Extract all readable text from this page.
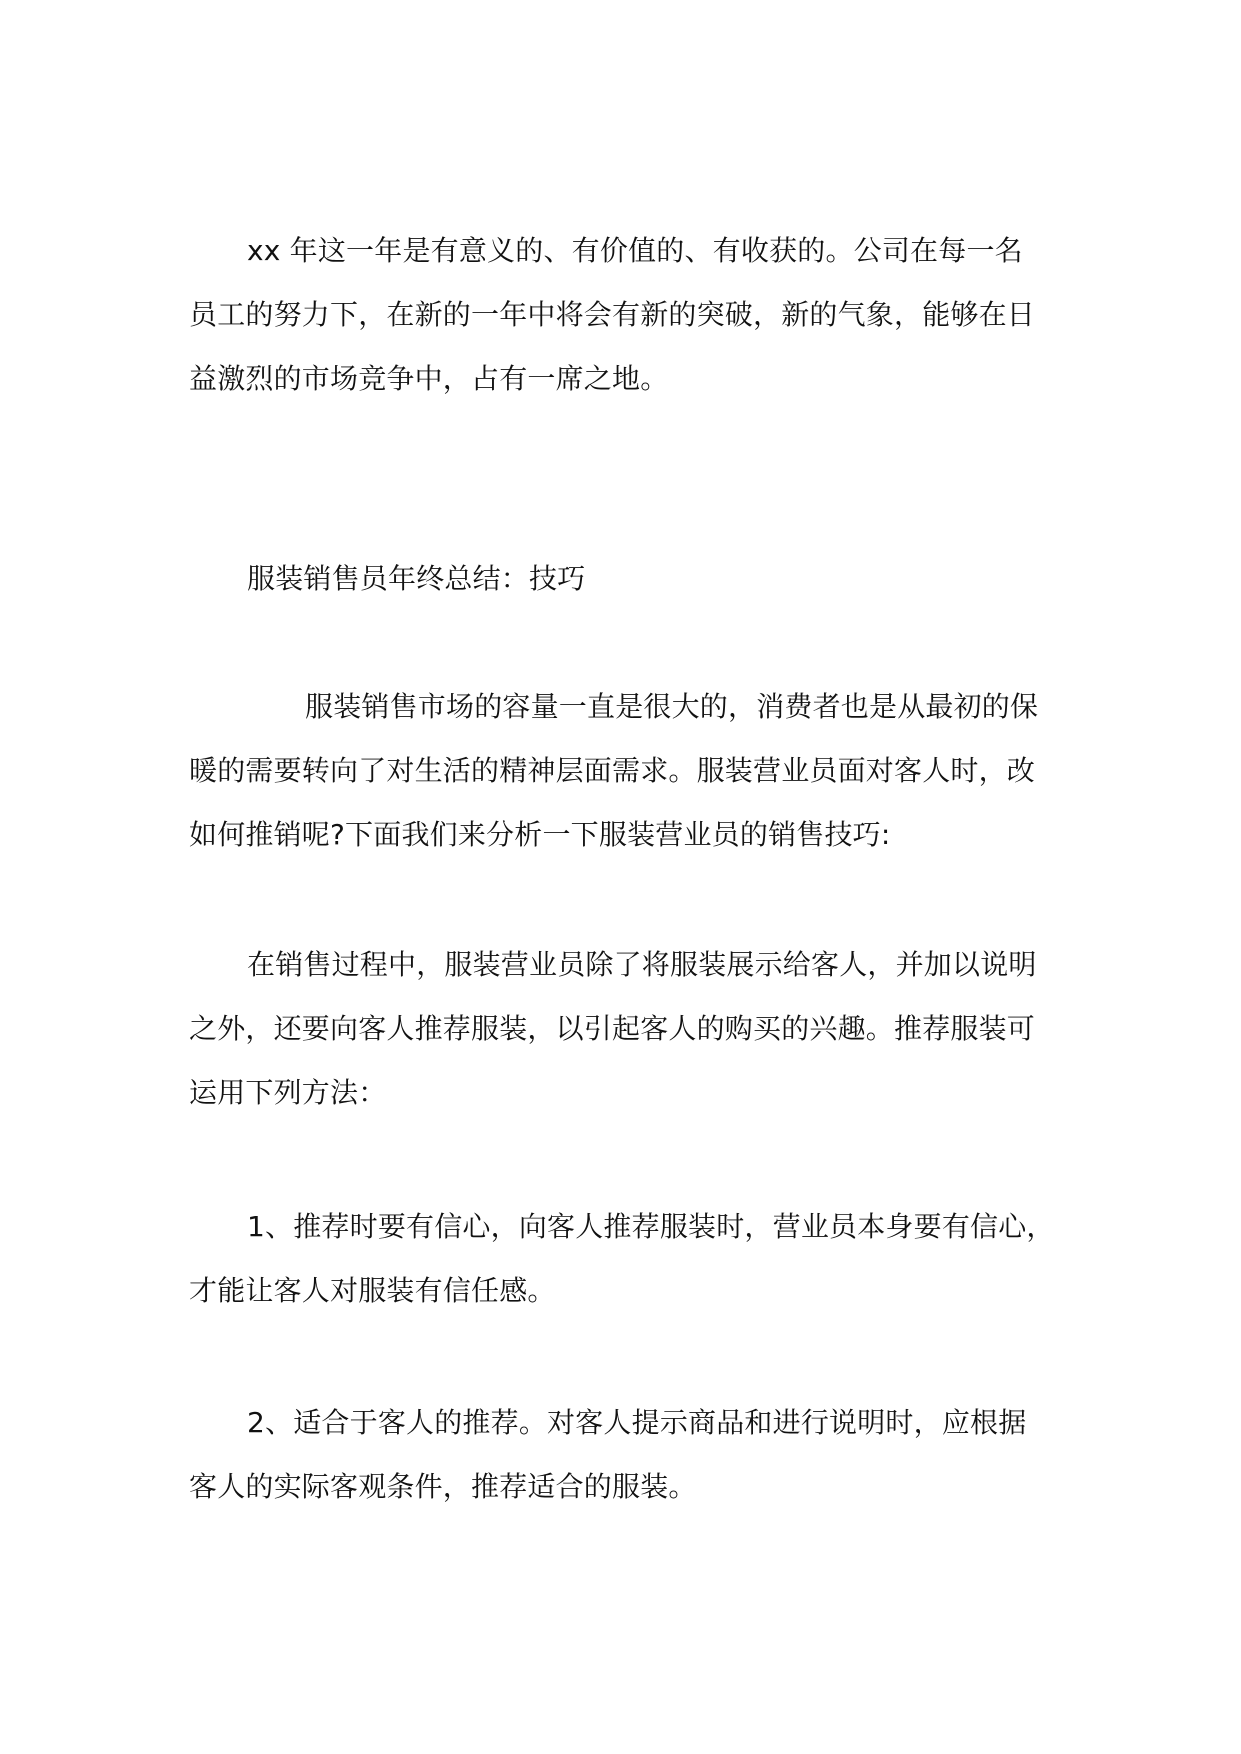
xx 年这一年是有意义的、有价值的、有收获的。公司在每一名
员工的努力下，在新的一年中将会有新的突破，新的气象，能够在日
益激烈的市场竞争中，占有一席之地。

服装销售员年终总结：技巧

服装销售市场的容量一直是很大的，消费者也是从最初的保
暖的需要转向了对生活的精神层面需求。服装营业员面对客人时，改
如何推销呢?下面我们来分析一下服装营业员的销售技巧:

在销售过程中，服装营业员除了将服装展示给客人，并加以说明
之外，还要向客人推荐服装，以引起客人的购买的兴趣。推荐服装可
运用下列方法：

1、推荐时要有信心，向客人推荐服装时，营业员本身要有信心，
才能让客人对服装有信任感。

2、适合于客人的推荐。对客人提示商品和进行说明时，应根据
客人的实际客观条件，推荐适合的服装。
